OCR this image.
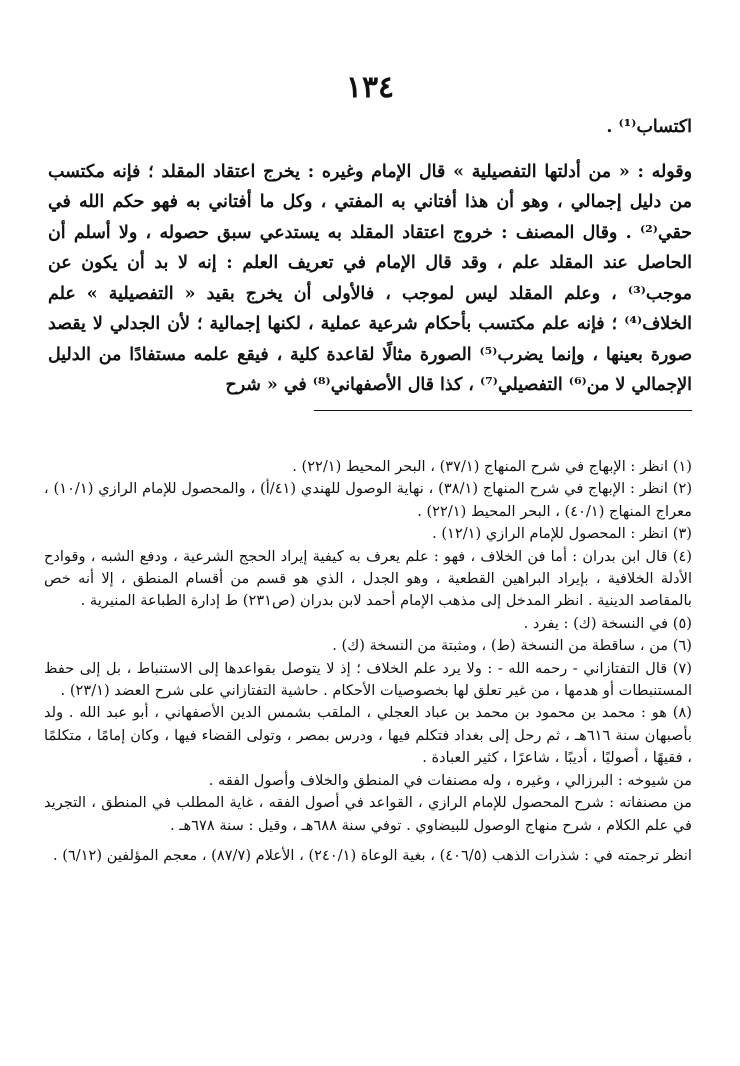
١٣٤

اكتساب⁽¹⁾ .

وقوله : « من أدلتها التفصيلية » قال الإمام وغيره : يخرج اعتقاد المقلد ؛ فإنه مكتسب من دليل إجمالي ، وهو أن هذا أفتاني به المفتي ، وكل ما أفتاني به فهو حكم الله في حقي⁽²⁾ . وقال المصنف : خروج اعتقاد المقلد به يستدعي سبق حصوله ، ولا أسلم أن الحاصل عند المقلد علم ، وقد قال الإمام في تعريف العلم : إنه لا بد أن يكون عن موجب⁽³⁾ ، وعلم المقلد ليس لموجب ، فالأولى أن يخرج بقيد « التفصيلية » علم الخلاف⁽⁴⁾ ؛ فإنه علم مكتسب بأحكام شرعية عملية ، لكنها إجمالية ؛ لأن الجدلي لا يقصد صورة بعينها ، وإنما يضرب⁽⁵⁾ الصورة مثالًا لقاعدة كلية ، فيقع علمه مستفادًا من الدليل الإجمالي لا من⁽⁶⁾ التفصيلي⁽⁷⁾ ، كذا قال الأصفهاني⁽⁸⁾ في « شرح

(١) انظر : الإبهاج في شرح المنهاج (٣٧/١) ، البحر المحيط (٢٢/١) .

(٢) انظر : الإبهاج في شرح المنهاج (٣٨/١) ، نهاية الوصول للهندي (٤١/أ) ، والمحصول للإمام الرازي (١٠/١) ، معراج المنهاج (٤٠/١) ، البحر المحيط (٢٢/١) .

(٣) انظر : المحصول للإمام الرازي (١٢/١) .

(٤) قال ابن بدران : أما فن الخلاف ، فهو : علم يعرف به كيفية إيراد الحجج الشرعية ، ودفع الشبه ، وقوادح الأدلة الخلافية ، بإيراد البراهين القطعية ، وهو الجدل ، الذي هو قسم من أقسام المنطق ، إلا أنه خص بالمقاصد الدينية . انظر المدخل إلى مذهب الإمام أحمد لابن بدران (ص٢٣١) ط إدارة الطباعة المنيرية .

(٥) في النسخة (ك) : يفرد .

(٦) من ، ساقطة من النسخة (ط) ، ومثبتة من النسخة (ك) .

(٧) قال التفتازاني - رحمه الله - : ولا يرد علم الخلاف ؛ إذ لا يتوصل بقواعدها إلى الاستنباط ، بل إلى حفظ المستنبطات أو هدمها ، من غير تعلق لها بخصوصيات الأحكام . حاشية التفتازاني على شرح العضد (٢٣/١) .

(٨) هو : محمد بن محمود بن محمد بن عباد العجلي ، الملقب بشمس الدين الأصفهاني ، أبو عبد الله . ولد بأصبهان سنة ٦١٦هـ ، ثم رحل إلى بغداد فتكلم فيها ، ودرس بمصر ، وتولى القضاء فيها ، وكان إمامًا ، متكلمًا ، فقيهًا ، أصوليًا ، أديبًا ، شاعرًا ، كثير العبادة .

من شيوخه : البرزالي ، وغيره ، وله مصنفات في المنطق والخلاف وأصول الفقه .

من مصنفاته : شرح المحصول للإمام الرازي ، القواعد في أصول الفقه ، غاية المطلب في المنطق ، التجريد في علم الكلام ، شرح منهاج الوصول للبيضاوي . توفي سنة ٦٨٨هـ ، وقيل : سنة ٦٧٨هـ .

انظر ترجمته في : شذرات الذهب (٤٠٦/٥) ، بغية الوعاة (٢٤٠/١) ، الأعلام (٨٧/٧) ، معجم المؤلفين (٦/١٢) .
